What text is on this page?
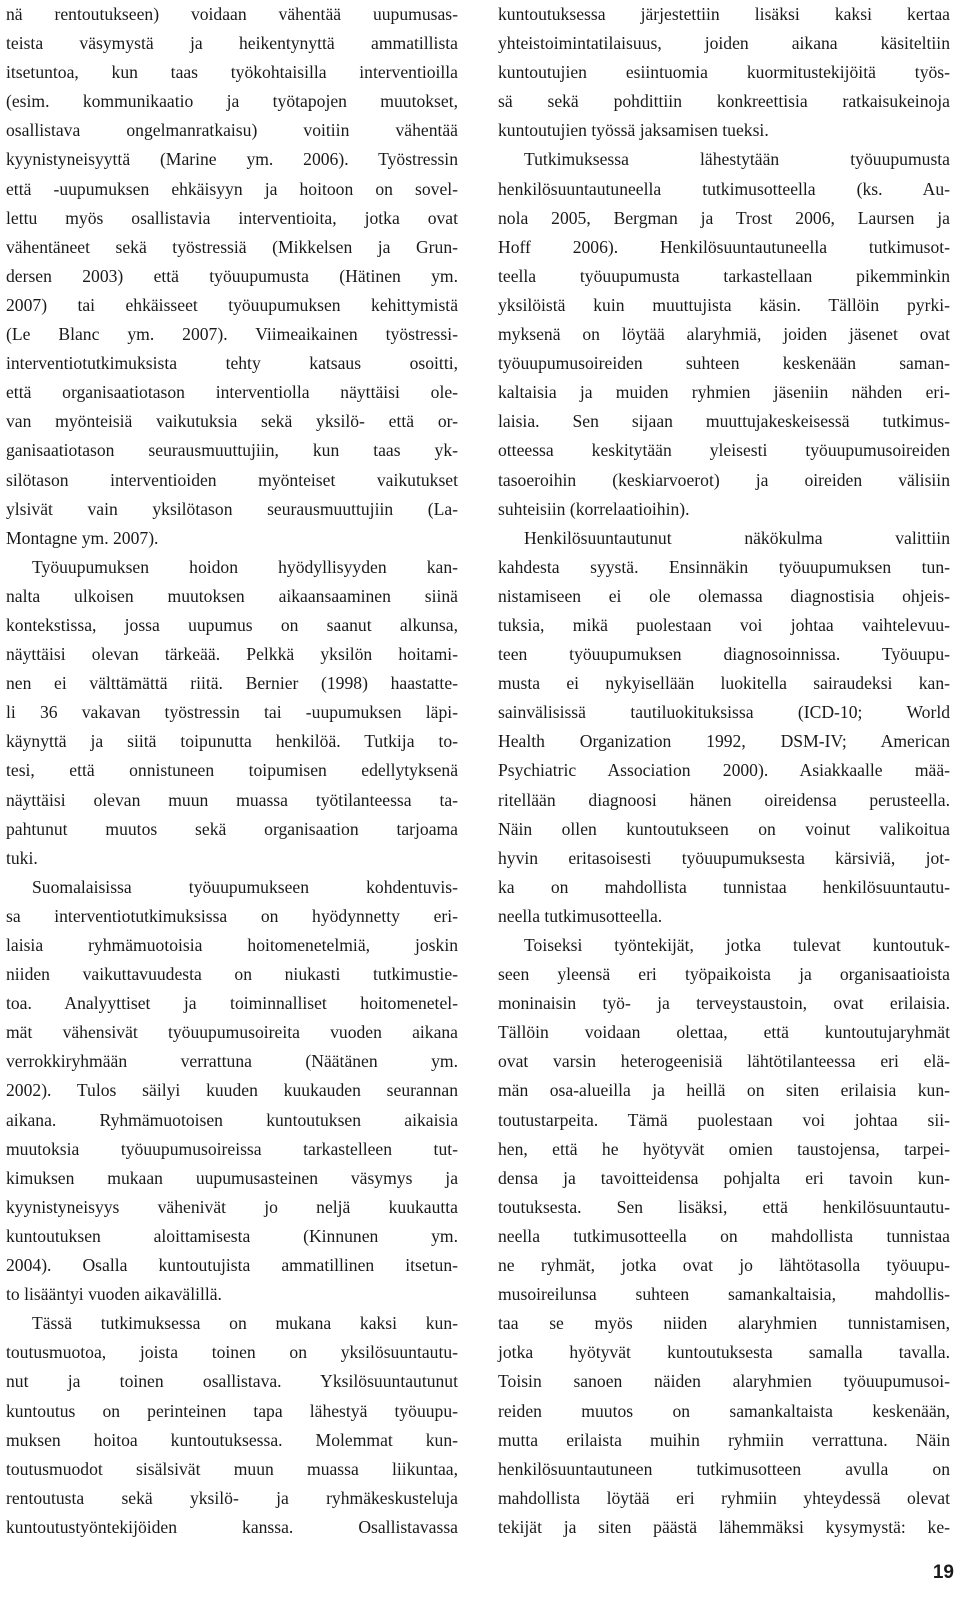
nä rentoutukseen) voidaan vähentää uupumusas-
teista väsymystä ja heikentynyttä ammatillista
itsetuntoa, kun taas työkohtaisilla interventioilla
(esim. kommunikaatio ja työtapojen muutokset,
osallistava ongelmanratkaisu) voitiin vähentää
kyynistyneisyyttä (Marine ym. 2006). Työstressin
että -uupumuksen ehkäisyyn ja hoitoon on sovel-
lettu myös osallistavia interventioita, jotka ovat
vähentäneet sekä työstressiä (Mikkelsen ja Grun-
dersen 2003) että työuupumusta (Hätinen ym.
2007) tai ehkäisseet työuupumuksen kehittymistä
(Le Blanc ym. 2007). Viimeaikainen työstressi-
interventiotutkimuksista tehty katsaus osoitti,
että organisaatiotason interventiolla näyttäisi ole-
van myönteisiä vaikutuksia sekä yksilö- että or-
ganisaatiotason seurausmuuttujiin, kun taas yk-
silötason interventioiden myönteiset vaikutukset
ylsivät vain yksilötason seurausmuuttujiin (La-
Montagne ym. 2007).
Työuupumuksen hoidon hyödyllisyyden kan-
nalta ulkoisen muutoksen aikaansaaminen siinä
kontekstissa, jossa uupumus on saanut alkunsa,
näyttäisi olevan tärkeää. Pelkkä yksilön hoitami-
nen ei välttämättä riitä. Bernier (1998) haastatte-
li 36 vakavan työstressin tai -uupumuksen läpi-
käynyttä ja siitä toipunutta henkilöä. Tutkija to-
tesi, että onnistuneen toipumisen edellytyksenä
näyttäisi olevan muun muassa työtilanteessa ta-
pahtunut muutos sekä organisaation tarjoama
tuki.
Suomalaisissa työuupumukseen kohdentuvis-
sa interventiotutkimuksissa on hyödynnetty eri-
laisia ryhmämuotoisia hoitomenetelmiä, joskin
niiden vaikuttavuudesta on niukasti tutkimustie-
toa. Analyyttiset ja toiminnalliset hoitomenetel-
mät vähensivät työuupumusoireita vuoden aikana
verrokkiryhmään verrattuna (Näätänen ym.
2002). Tulos säilyi kuuden kuukauden seurannan
aikana. Ryhmämuotoisen kuntoutuksen aikaisia
muutoksia työuupumusoireissa tarkastelleen tut-
kimuksen mukaan uupumusasteinen väsymys ja
kyynistyneisyys vähenivät jo neljä kuukautta
kuntoutuksen aloittamisesta (Kinnunen ym.
2004). Osalla kuntoutujista ammatillinen itsetun-
to lisääntyi vuoden aikavälillä.
Tässä tutkimuksessa on mukana kaksi kun-
toutusmuotoa, joista toinen on yksilösuuntautu-
nut ja toinen osallistava. Yksilösuuntautunut
kuntoutus on perinteinen tapa lähestyä työuupu-
muksen hoitoa kuntoutuksessa. Molemmat kun-
toutusmuodot sisälsivät muun muassa liikuntaa,
rentoutusta sekä yksilö- ja ryhmäkeskusteluja
kuntoutustyöntekijöiden kanssa. Osallistavassa
kuntoutuksessa järjestettiin lisäksi kaksi kertaa
yhteistoimintatilaisuus, joiden aikana käsiteltiin
kuntoutujien esiintuomia kuormitustekijöitä työs-
sä sekä pohdittiin konkreettisia ratkaisukeinoja
kuntoutujien työssä jaksamisen tueksi.
Tutkimuksessa lähestytään työuupumusta
henkilösuuntautuneella tutkimusotteella (ks. Au-
nola 2005, Bergman ja Trost 2006, Laursen ja
Hoff 2006). Henkilösuuntautuneella tutkimusot-
teella työuupumusta tarkastellaan pikemminkin
yksilöistä kuin muuttujista käsin. Tällöin pyrki-
myksenä on löytää alaryhmiä, joiden jäsenet ovat
työuupumusoireiden suhteen keskenään saman-
kaltaisia ja muiden ryhmien jäseniin nähden eri-
laisia. Sen sijaan muuttujakeskeisessä tutkimus-
otteessa keskitytään yleisesti työuupumusoireiden
tasoeroihin (keskiarvoerot) ja oireiden välisiin
suhteisiin (korrelaatioihin).
Henkilösuuntautunut näkökulma valittiin
kahdesta syystä. Ensinnäkin työuupumuksen tun-
nistamiseen ei ole olemassa diagnostisia ohjeis-
tuksia, mikä puolestaan voi johtaa vaihtelevuu-
teen työuupumuksen diagnosoinnissa. Työuupu-
musta ei nykyisellään luokitella sairaudeksi kan-
sainvälisissä tautiluokituksissa (ICD-10; World
Health Organization 1992, DSM-IV; American
Psychiatric Association 2000). Asiakkaalle mää-
ritellään diagnoosi hänen oireidensa perusteella.
Näin ollen kuntoutukseen on voinut valikoitua
hyvin eritasoisesti työuupumuksesta kärsiviä, jot-
ka on mahdollista tunnistaa henkilösuuntautu-
neella tutkimusotteella.
Toiseksi työntekijät, jotka tulevat kuntoutuk-
seen yleensä eri työpaikoista ja organisaatioista
moninaisin työ- ja terveystaustoin, ovat erilaisia.
Tällöin voidaan olettaa, että kuntoutujaryhmät
ovat varsin heterogeenisiä lähtötilanteessa eri elä-
män osa-alueilla ja heillä on siten erilaisia kun-
toutustarpeita. Tämä puolestaan voi johtaa sii-
hen, että he hyötyvät omien taustojensa, tarpei-
densa ja tavoitteidensa pohjalta eri tavoin kun-
toutuksesta. Sen lisäksi, että henkilösuuntautu-
neella tutkimusotteella on mahdollista tunnistaa
ne ryhmät, jotka ovat jo lähtötasolla työuupu-
musoireilunsa suhteen samankaltaisia, mahdollis-
taa se myös niiden alaryhmien tunnistamisen,
jotka hyötyvät kuntoutuksesta samalla tavalla.
Toisin sanoen näiden alaryhmien työuupumusoi-
reiden muutos on samankaltaista keskenään,
mutta erilaista muihin ryhmiin verrattuna. Näin
henkilösuuntautuneen tutkimusotteen avulla on
mahdollista löytää eri ryhmiin yhteydessä olevat
tekijät ja siten päästä lähemmäksi kysymystä: ke-
19
